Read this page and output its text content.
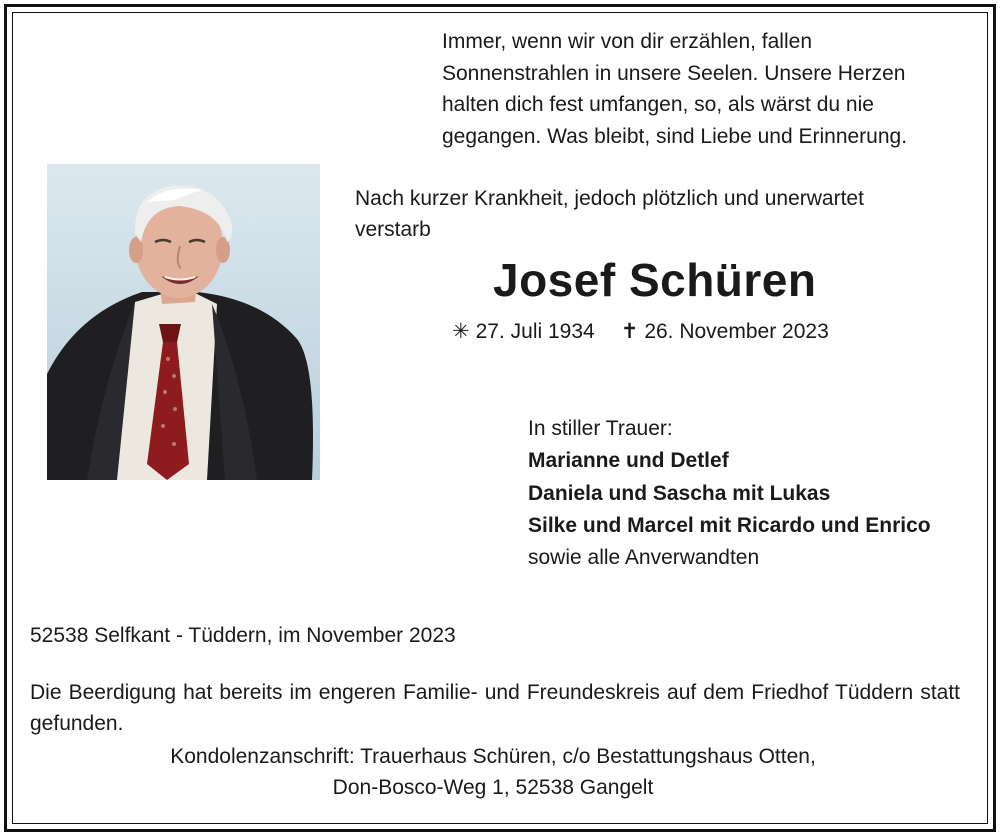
Immer, wenn wir von dir erzählen, fallen
Sonnenstrahlen in unsere Seelen. Unsere Herzen
halten dich fest umfangen, so, als wärst du nie
gegangen. Was bleibt, sind Liebe und Erinnerung.
Nach kurzer Krankheit, jedoch plötzlich und unerwartet
verstarb
Josef Schüren
✳ 27. Juli 1934 ✝ 26. November 2023
In stiller Trauer:
Marianne und Detlef
Daniela und Sascha mit Lukas
Silke und Marcel mit Ricardo und Enrico
sowie alle Anverwandten
52538 Selfkant - Tüddern, im November 2023
Die Beerdigung hat bereits im engeren Familie- und Freundeskreis auf dem Friedhof Tüddern statt gefunden.
Kondolenzanschrift: Trauerhaus Schüren, c/o Bestattungshaus Otten,
Don-Bosco-Weg 1, 52538 Gangelt
